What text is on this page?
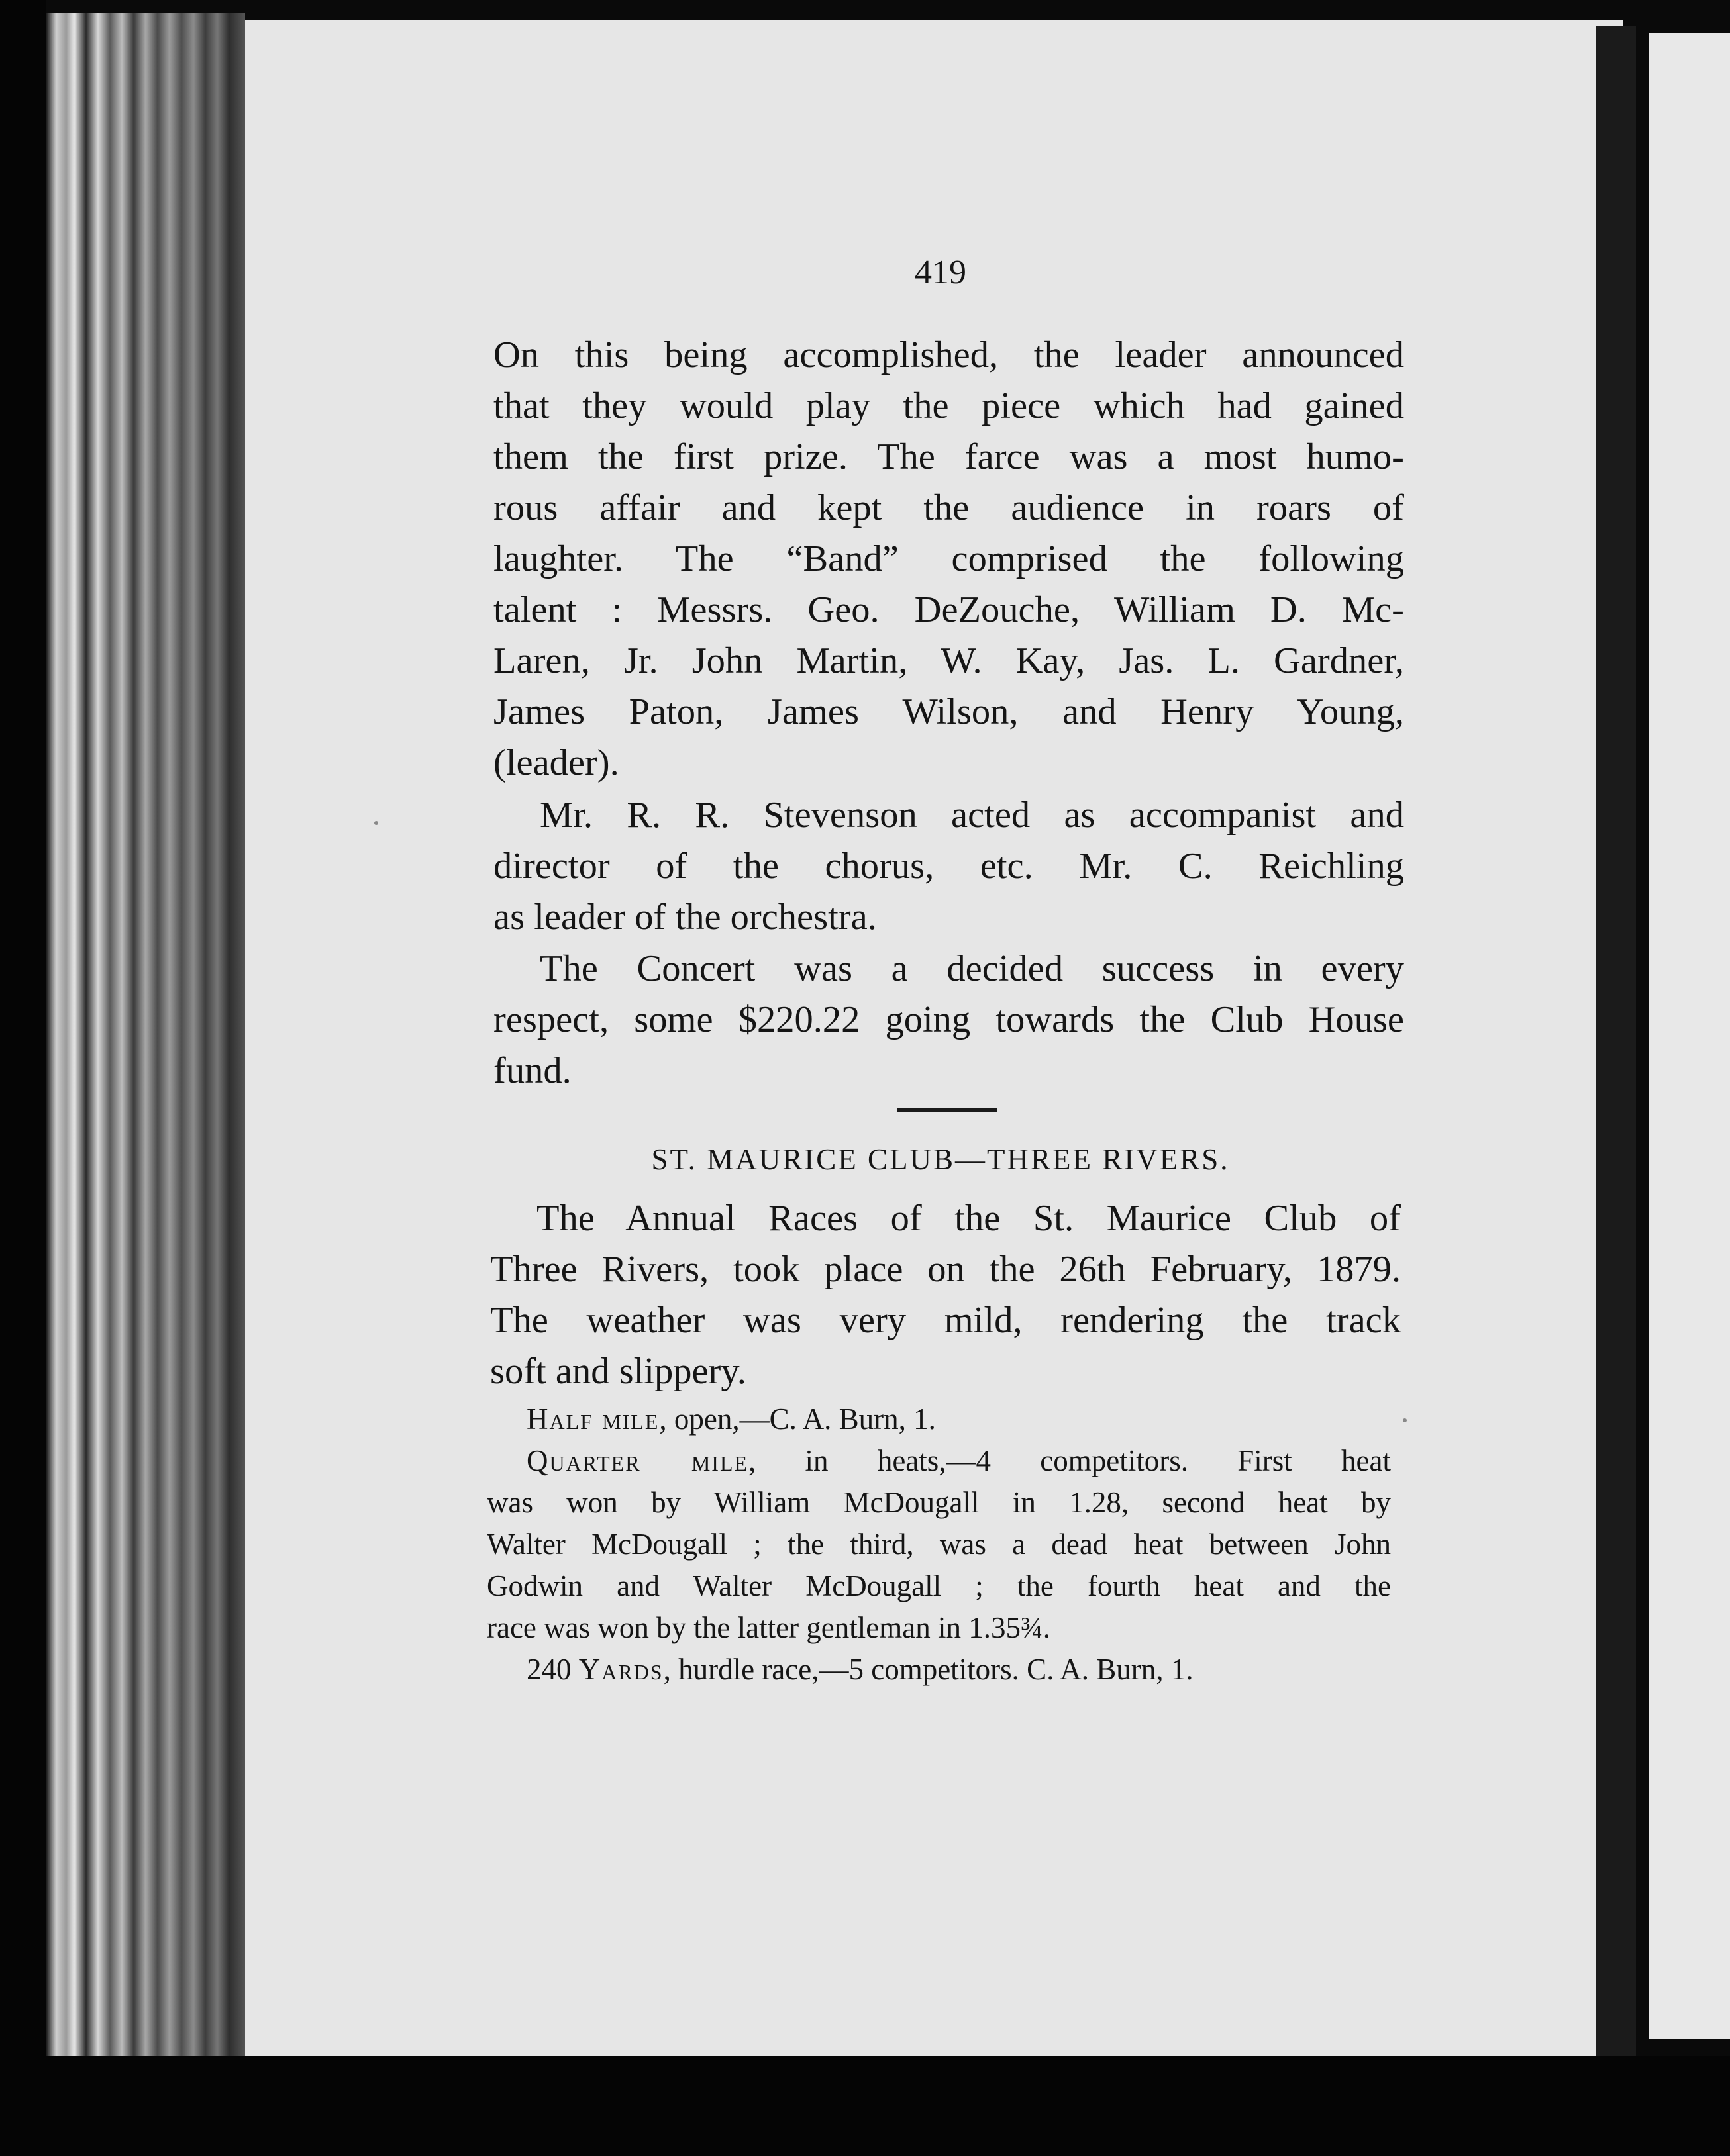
419
On this being accomplished, the leader announced
that they would play the piece which had gained
them the first prize. The farce was a most humo-
rous affair and kept the audience in roars of
laughter. The “Band” comprised the following
talent : Messrs. Geo. DeZouche, William D. Mc-
Laren, Jr. John Martin, W. Kay, Jas. L. Gardner,
James Paton, James Wilson, and Henry Young,
(leader).
Mr. R. R. Stevenson acted as accompanist and
director of the chorus, etc. Mr. C. Reichling
as leader of the orchestra.
The Concert was a decided success in every
respect, some $220.22 going towards the Club House
fund.
ST. MAURICE CLUB—THREE RIVERS.
The Annual Races of the St. Maurice Club of
Three Rivers, took place on the 26th February, 1879.
The weather was very mild, rendering the track
soft and slippery.
Half mile, open,—C. A. Burn, 1.
Quarter mile, in heats,—4 competitors. First heat
was won by William McDougall in 1.28, second heat by
Walter McDougall ; the third, was a dead heat between John
Godwin and Walter McDougall ; the fourth heat and the
race was won by the latter gentleman in 1.35¾.
240 Yards, hurdle race,—5 competitors. C. A. Burn, 1.
